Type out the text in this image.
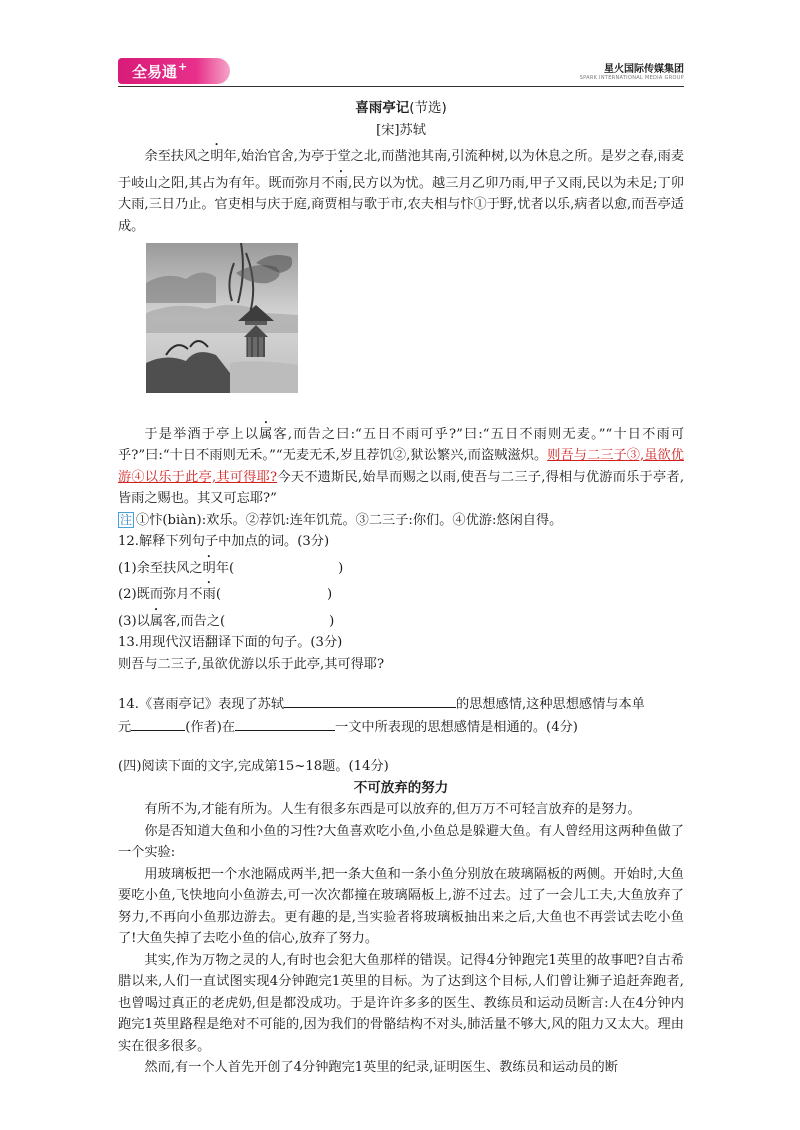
全易通 +	星火国际传媒集团
SPARK INTERNATIONAL MEDIA GROUP
喜雨亭记(节选)
[宋]苏轼
余至扶风之明年,始治官舍,为亭于堂之北,而凿池其南,引流种树,以为休息之所。是岁之春,雨麦于岐山之阳,其占为有年。既而弥月不雨,民方以为忧。越三月乙卯乃雨,甲子又雨,民以为未足;丁卯大雨,三日乃止。官吏相与庆于庭,商贾相与歌于市,农夫相与忭①于野,忧者以乐,病者以愈,而吾亭适成。
于是举酒于亭上以属客,而告之曰:“五日不雨可乎?”曰:“五日不雨则无麦。”“十日不雨可乎?”曰:“十日不雨则无禾。”“无麦无禾,岁且荐饥②,狱讼繁兴,而盗贼滋炽。则吾与二三子③,虽欲优游④以乐于此亭,其可得耶?今天不遗斯民,始旱而赐之以雨,使吾与二三子,得相与优游而乐于亭者,皆雨之赐也。其又可忘耶?”
注 ①忭(biàn):欢乐。②荐饥:连年饥荒。③二三子:你们。④优游:悠闲自得。
12.解释下列句子中加点的词。(3分)
(1)余至扶风之明年(	)
(2)既而弥月不雨(	)
(3)以属客,而告之(	)
13.用现代汉语翻译下面的句子。(3分)
则吾与二三子,虽欲优游以乐于此亭,其可得耶?
14.《喜雨亭记》表现了苏轼	的思想感情,这种思想感情与本单
元	(作者)在	一文中所表现的思想感情是相通的。(4分)
(四)阅读下面的文字,完成第15~18题。(14分)
不可放弃的努力
有所不为,才能有所为。人生有很多东西是可以放弃的,但万万不可轻言放弃的是努力。
你是否知道大鱼和小鱼的习性?大鱼喜欢吃小鱼,小鱼总是躲避大鱼。有人曾经用这两种鱼做了一个实验:
用玻璃板把一个水池隔成两半,把一条大鱼和一条小鱼分别放在玻璃隔板的两侧。开始时,大鱼要吃小鱼,飞快地向小鱼游去,可一次次都撞在玻璃隔板上,游不过去。过了一会儿工夫,大鱼放弃了努力,不再向小鱼那边游去。更有趣的是,当实验者将玻璃板抽出来之后,大鱼也不再尝试去吃小鱼了!大鱼失掉了去吃小鱼的信心,放弃了努力。
其实,作为万物之灵的人,有时也会犯大鱼那样的错误。记得4分钟跑完1英里的故事吧?自古希腊以来,人们一直试图实现4分钟跑完1英里的目标。为了达到这个目标,人们曾让狮子追赶奔跑者,也曾喝过真正的老虎奶,但是都没成功。于是许许多多的医生、教练员和运动员断言:人在4分钟内跑完1英里路程是绝对不可能的,因为我们的骨骼结构不对头,肺活量不够大,风的阻力又太大。理由实在很多很多。
然而,有一个人首先开创了4分钟跑完1英里的纪录,证明医生、教练员和运动员的断
